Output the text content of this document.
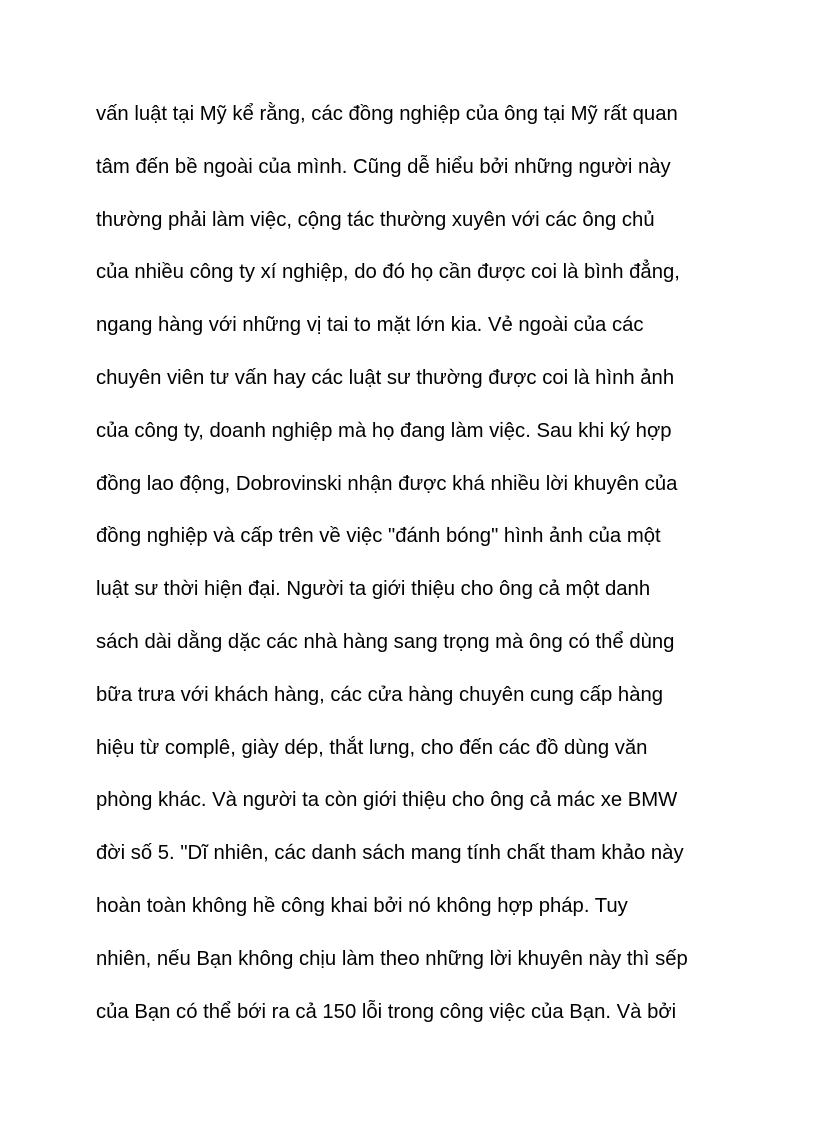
vấn luật tại Mỹ kể rằng, các đồng nghiệp của ông tại Mỹ rất quan
tâm đến bề ngoài của mình. Cũng dễ hiểu bởi những người này
thường phải làm việc, cộng tác thường xuyên với các ông chủ
của nhiều công ty xí nghiệp, do đó họ cần được coi là bình đẳng,
ngang hàng với những vị tai to mặt lớn kia. Vẻ ngoài của các
chuyên viên tư vấn hay các luật sư thường được coi là hình ảnh
của công ty, doanh nghiệp mà họ đang làm việc. Sau khi ký hợp
đồng lao động, Dobrovinski nhận được khá nhiều lời khuyên của
đồng nghiệp và cấp trên về việc "đánh bóng" hình ảnh của một
luật sư thời hiện đại. Người ta giới thiệu cho ông cả một danh
sách dài dằng dặc các nhà hàng sang trọng mà ông có thể dùng
bữa trưa với khách hàng, các cửa hàng chuyên cung cấp hàng
hiệu từ complê, giày dép, thắt lưng, cho đến các đồ dùng văn
phòng khác. Và người ta còn giới thiệu cho ông cả mác xe BMW
đời số 5. "Dĩ nhiên, các danh sách mang tính chất tham khảo này
hoàn toàn không hề công khai bởi nó không hợp pháp. Tuy
nhiên, nếu Bạn không chịu làm theo những lời khuyên này thì sếp
của Bạn có thể bới ra cả 150 lỗi trong công việc của Bạn. Và bởi
